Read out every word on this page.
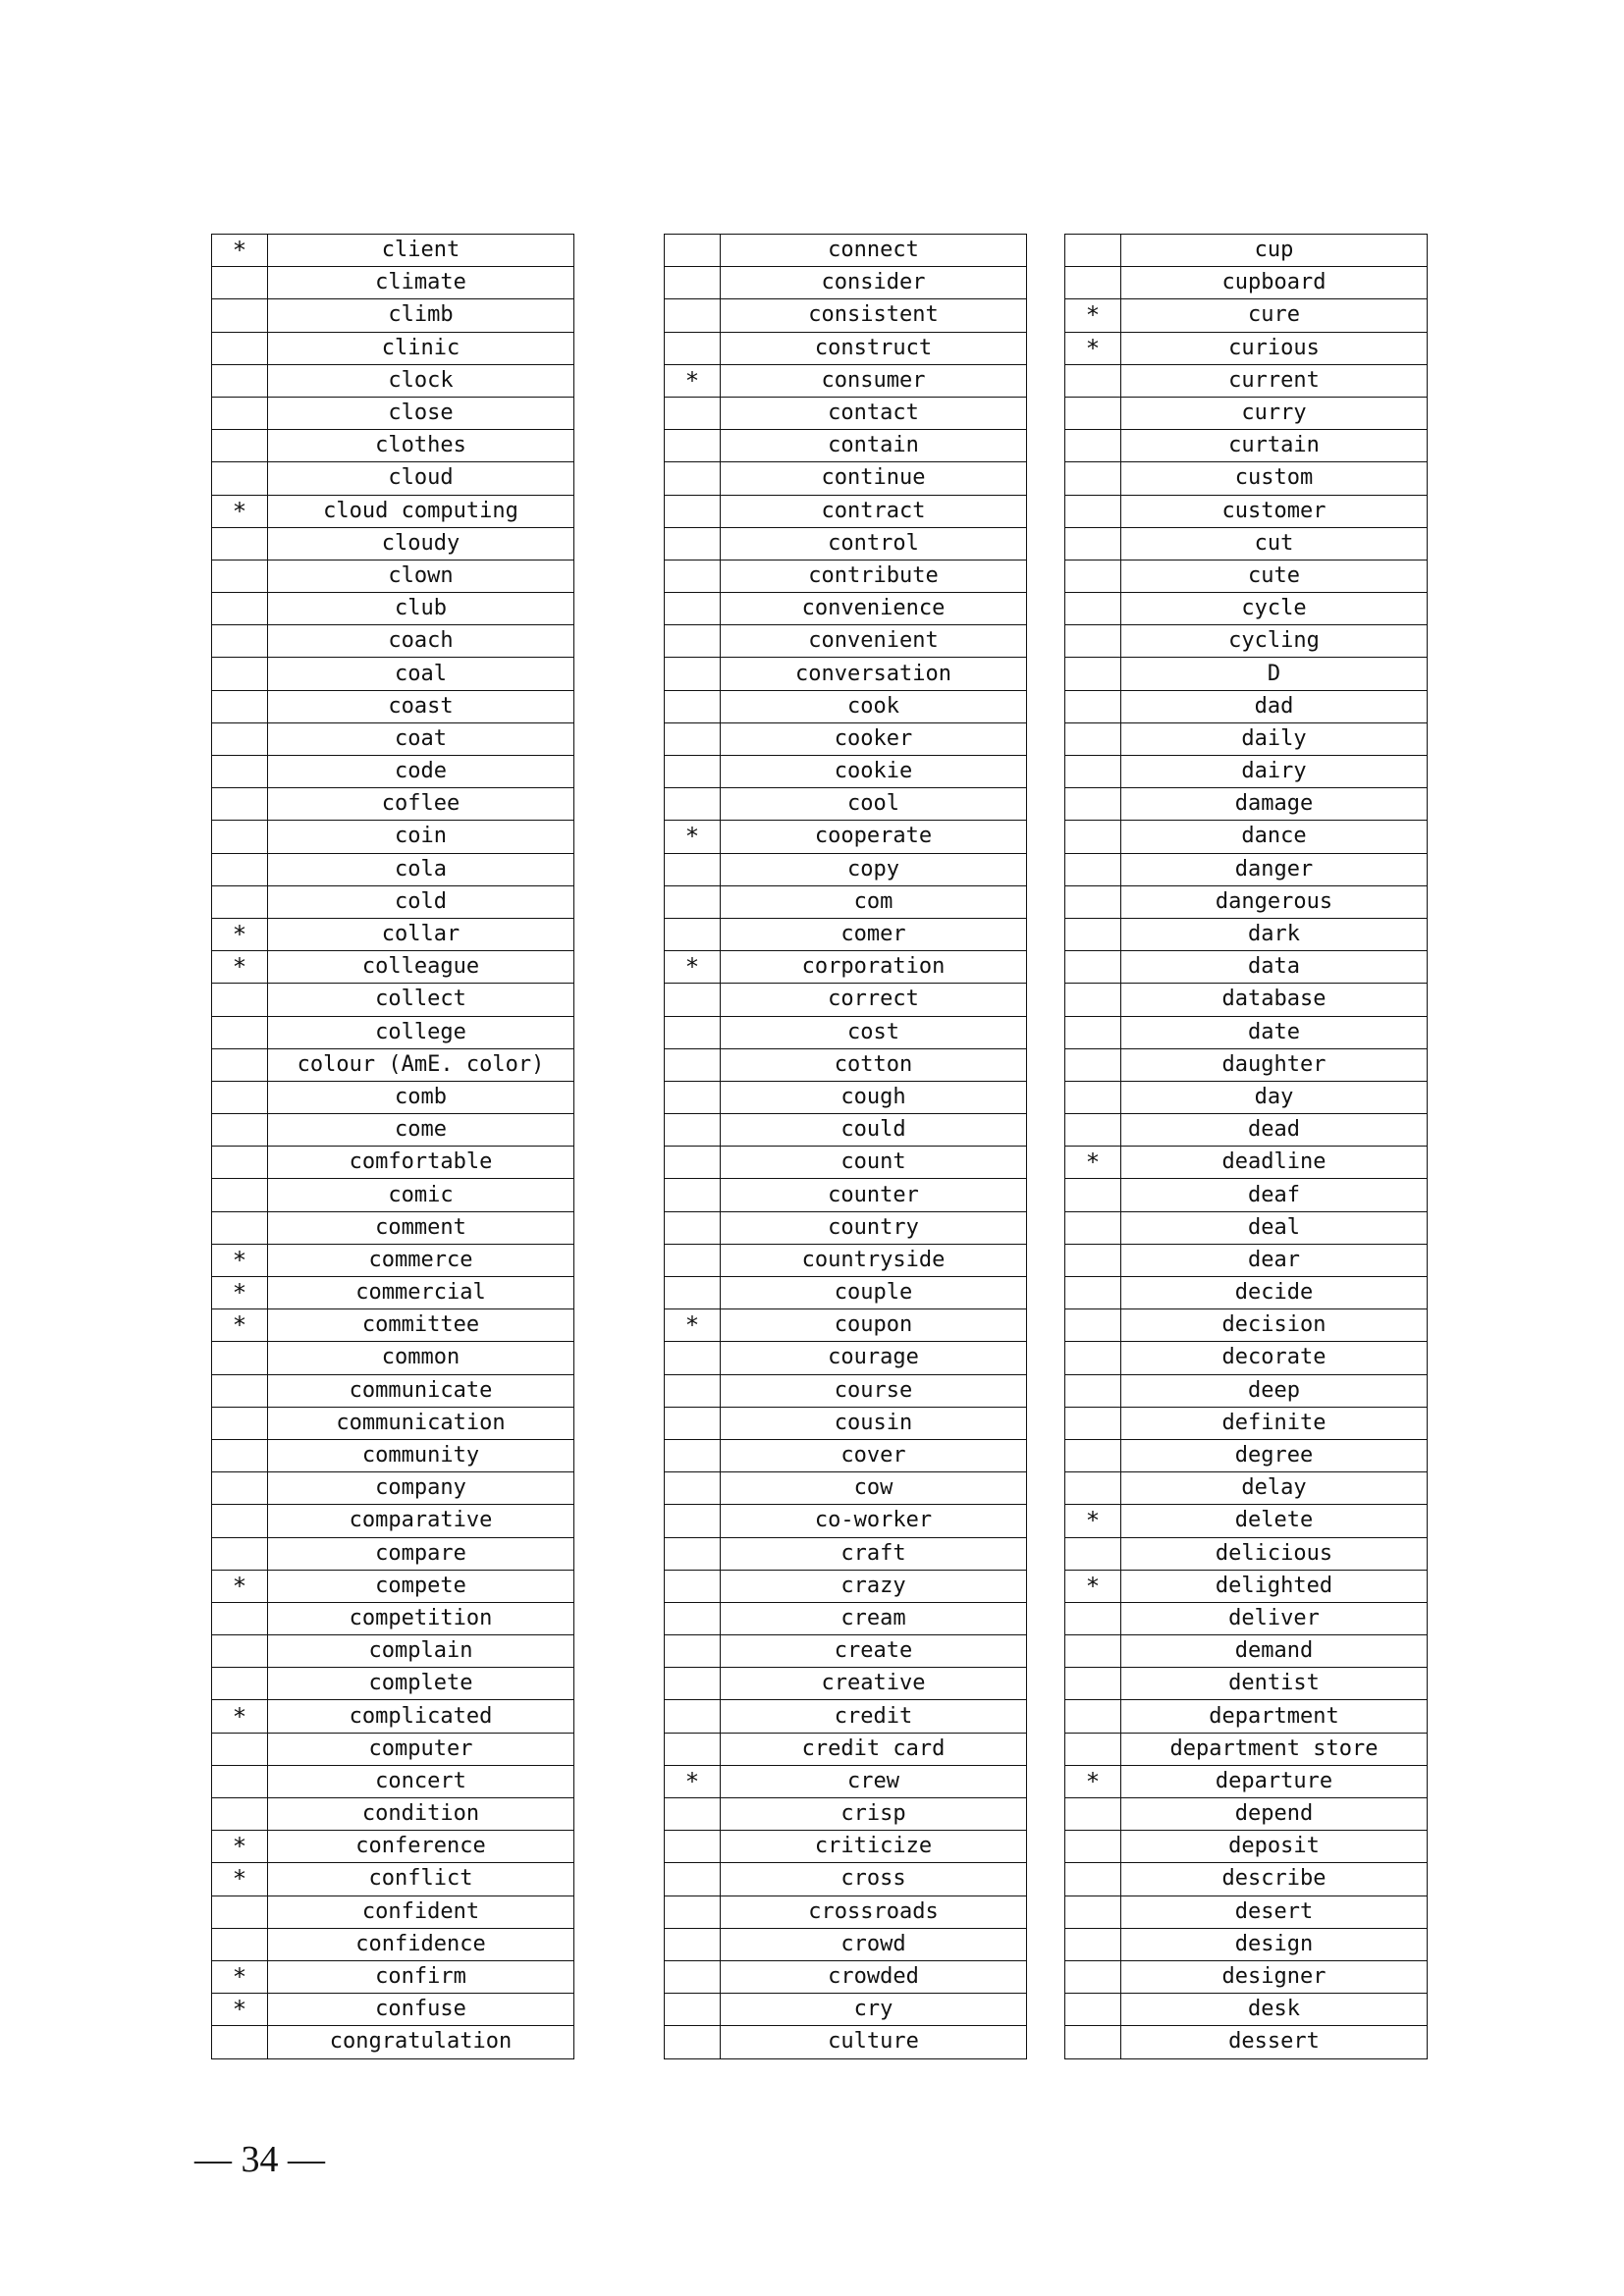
*	client
	climate
	climb
	clinic
	clock
	close
	clothes
	cloud
*	cloud computing
	cloudy
	clown
	club
	coach
	coal
	coast
	coat
	code
	coflee
	coin
	cola
	cold
*	collar
*	colleague
	collect
	college
	colour (AmE. color)
	comb
	come
	comfortable
	comic
	comment
*	commerce
*	commercial
*	committee
	common
	communicate
	communication
	community
	company
	comparative
	compare
*	compete
	competition
	complain
	complete
*	complicated
	computer
	concert
	condition
*	conference
*	conflict
	confident
	confidence
*	confirm
*	confuse
	congratulation
	connect
	consider
	consistent
	construct
*	consumer
	contact
	contain
	continue
	contract
	control
	contribute
	convenience
	convenient
	conversation
	cook
	cooker
	cookie
	cool
*	cooperate
	copy
	com
	comer
*	corporation
	correct
	cost
	cotton
	cough
	could
	count
	counter
	country
	countryside
	couple
*	coupon
	courage
	course
	cousin
	cover
	cow
	co-worker
	craft
	crazy
	cream
	create
	creative
	credit
	credit card
*	crew
	crisp
	criticize
	cross
	crossroads
	crowd
	crowded
	cry
	culture
	cup
	cupboard
*	cure
*	curious
	current
	curry
	curtain
	custom
	customer
	cut
	cute
	cycle
	cycling
	D
	dad
	daily
	dairy
	damage
	dance
	danger
	dangerous
	dark
	data
	database
	date
	daughter
	day
	dead
*	deadline
	deaf
	deal
	dear
	decide
	decision
	decorate
	deep
	definite
	degree
	delay
*	delete
	delicious
*	delighted
	deliver
	demand
	dentist
	department
	department store
*	departure
	depend
	deposit
	describe
	desert
	design
	designer
	desk
	dessert
— 34 —
